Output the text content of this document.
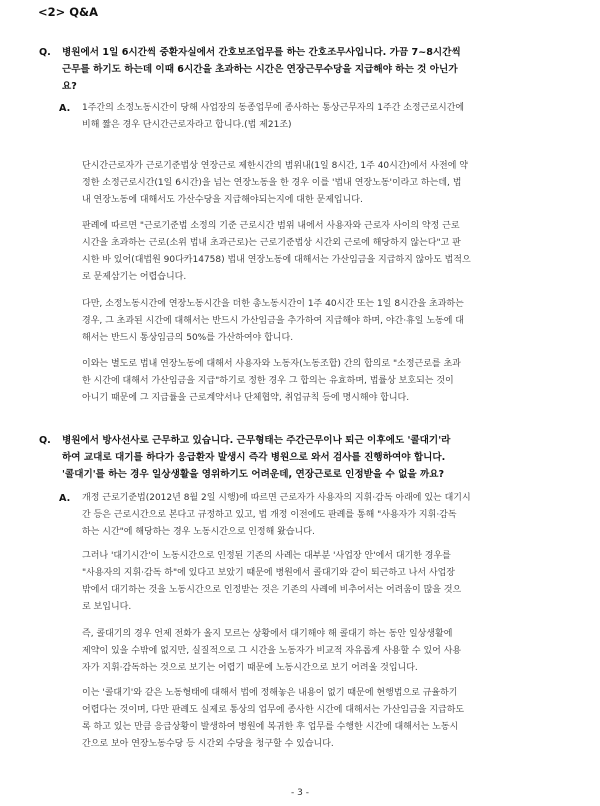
<2> Q&A
Q. 병원에서 1일 6시간씩 중환자실에서 간호보조업무를 하는 간호조무사입니다. 가끔 7~8시간씩
근무를 하기도 하는데 이때 6시간을 초과하는 시간은 연장근무수당을 지급해야 하는 것 아닌가
요?
A. 1주간의 소정노동시간이 당해 사업장의 동종업무에 종사하는 통상근무자의 1주간 소정근로시간에
비해 짧은 경우 단시간근로자라고 합니다.(법 제21조)
단시간근로자가 근로기준법상 연장근로 제한시간의 범위내(1일 8시간, 1주 40시간)에서 사전에 약
정한 소정근로시간(1일 6시간)을 넘는 연장노동을 한 경우 이를 '법내 연장노동'이라고 하는데, 법
내 연장노동에 대해서도 가산수당을 지급해야되는지에 대한 문제입니다.
판례에 따르면 "근로기준법 소정의 기준 근로시간 범위 내에서 사용자와 근로자 사이의 약정 근로
시간을 초과하는 근로(소위 법내 초과근로)는 근로기준법상 시간외 근로에 해당하지 않는다"고 판
시한 바 있어(대법원 90다카14758) 법내 연장노동에 대해서는 가산임금을 지급하지 않아도 법적으
로 문제삼기는 어렵습니다.
다만, 소정노동시간에 연장노동시간을 더한 총노동시간이 1주 40시간 또는 1일 8시간을 초과하는
경우, 그 초과된 시간에 대해서는 반드시 가산임금을 추가하여 지급해야 하며, 야간·휴일 노동에 대
해서는 반드시 통상임금의 50%를 가산하여야 합니다.
이와는 별도로 법내 연장노동에 대해서 사용자와 노동자(노동조합) 간의 합의로 "소정근로를 초과
한 시간에 대해서 가산임금을 지급"하기로 정한 경우 그 합의는 유효하며, 법률상 보호되는 것이
아니기 때문에 그 지급률을 근로계약서나 단체협약, 취업규칙 등에 명시해야 합니다.
Q. 병원에서 방사선사로 근무하고 있습니다. 근무형태는 주간근무이나 퇴근 이후에도 '콜대기'라
하여 교대로 대기를 하다가 응급환자 발생시 즉각 병원으로 와서 검사를 진행하여야 합니다.
'콜대기'를 하는 경우 일상생활을 영위하기도 어려운데, 연장근로로 인정받을 수 없을 까요?
A. 개정 근로기준법(2012년 8월 2일 시행)에 따르면 근로자가 사용자의 지휘·감독 아래에 있는 대기시
간 등은 근로시간으로 본다고 규정하고 있고, 법 개정 이전에도 판례를 통해 "사용자가 지휘·감독
하는 시간"에 해당하는 경우 노동시간으로 인정해 왔습니다.
그러나 '대기시간'이 노동시간으로 인정된 기존의 사례는 대부분 '사업장 안'에서 대기한 경우를
"사용자의 지휘·감독 하"에 있다고 보았기 때문에 병원에서 콜대기와 같이 퇴근하고 나서 사업장
밖에서 대기하는 것을 노동시간으로 인정받는 것은 기존의 사례에 비추어서는 어려움이 많을 것으
로 보입니다.
즉, 콜대기의 경우 언제 전화가 올지 모르는 상황에서 대기해야 해 콜대기 하는 동안 일상생활에
제약이 있을 수밖에 없지만, 실질적으로 그 시간을 노동자가 비교적 자유롭게 사용할 수 있어 사용
자가 지휘·감독하는 것으로 보기는 어렵기 때문에 노동시간으로 보기 어려울 것입니다.
이는 '콜대기'와 같은 노동형태에 대해서 법에 정해놓은 내용이 없기 때문에 현행법으로 규율하기
어렵다는 것이며, 다만 판례도 실제로 통상의 업무에 종사한 시간에 대해서는 가산임금을 지급하도
록 하고 있는 만큼 응급상황이 발생하여 병원에 복귀한 후 업무를 수행한 시간에 대해서는 노동시
간으로 보아 연장노동수당 등 시간외 수당을 청구할 수 있습니다.
- 3 -
